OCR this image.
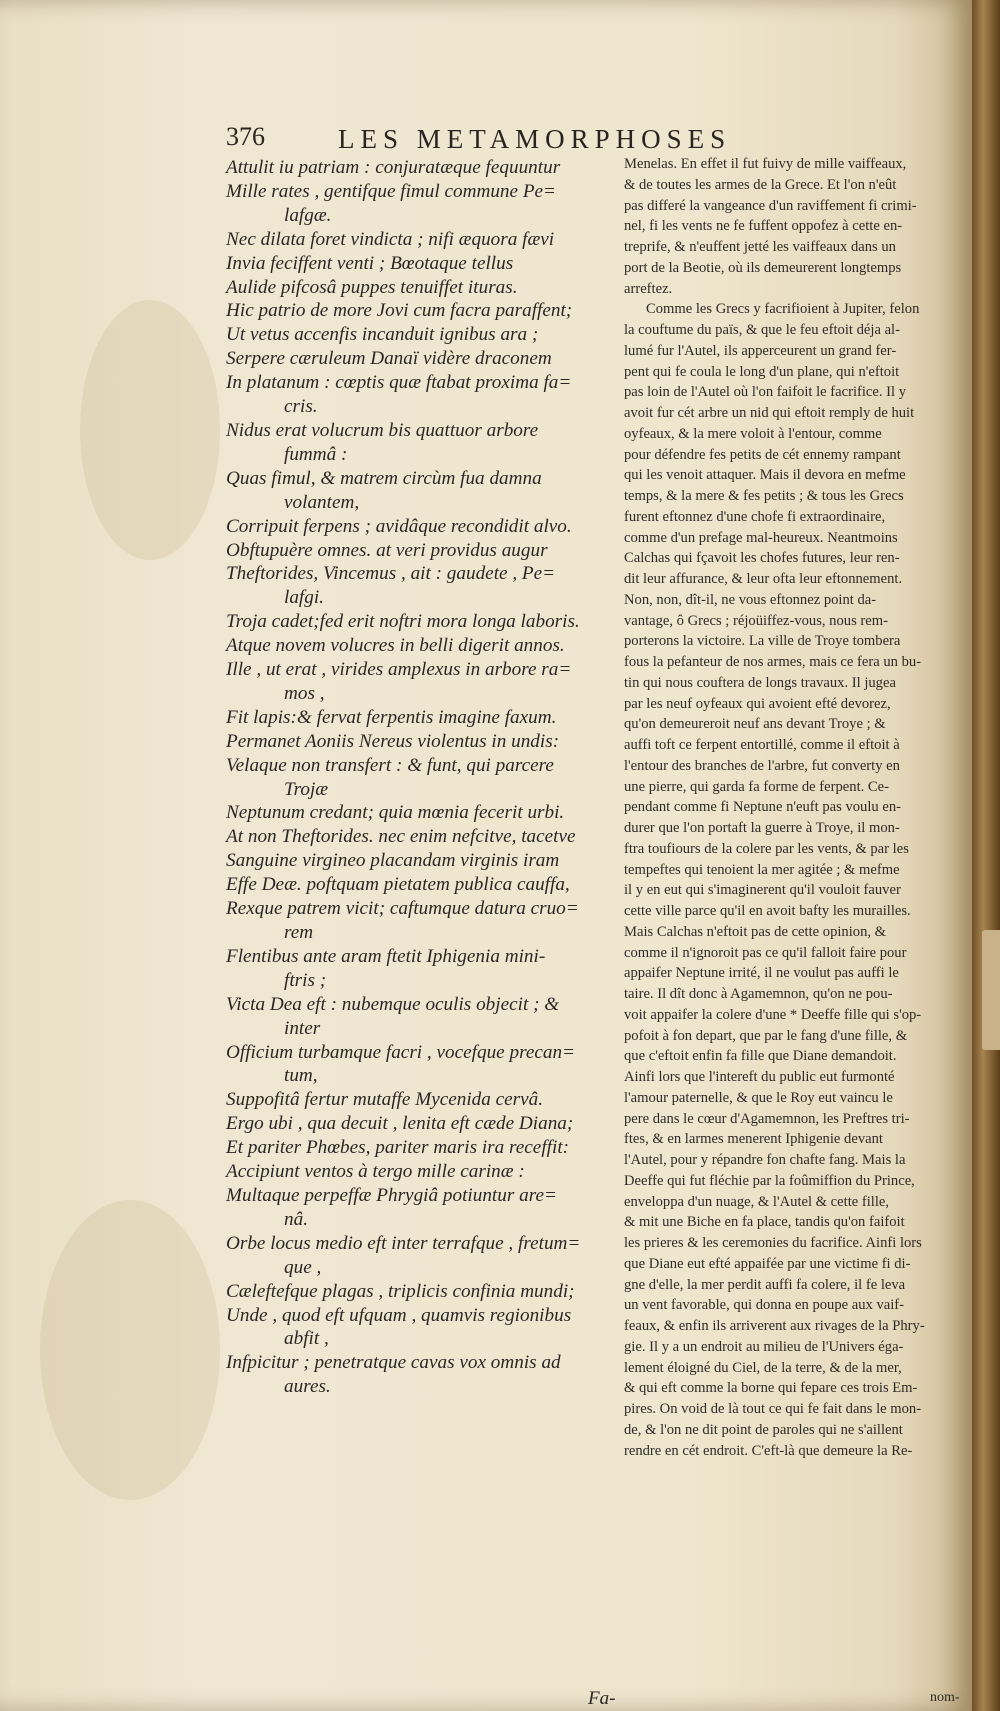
376	LES METAMORPHOSES
Attulit iu patriam : conjuratæque fequuntur
Mille rates , gentifque fimul commune Pe=
lafgæ.
Nec dilata foret vindicta ; nifi æquora fævi
Invia feciffent venti ; Bœotaque tellus
Aulide pifcosâ puppes tenuiffet ituras.
Hic patrio de more Jovi cum facra paraffent;
Ut vetus accenfis incanduit ignibus ara ;
Serpere cæruleum Danaï vidère draconem
In platanum : cœptis quæ ftabat proxima fa=
cris.
Nidus erat volucrum bis quattuor arbore
fummâ :
Quas fimul, & matrem circùm fua damna
volantem,
Corripuit ferpens ; avidâque recondidit alvo.
Obftupuère omnes. at veri providus augur
Theftorides, Vincemus , ait : gaudete , Pe=
lafgi.
Troja cadet;fed erit noftri mora longa laboris.
Atque novem volucres in belli digerit annos.
Ille , ut erat , virides amplexus in arbore ra=
mos ,
Fit lapis:& fervat ferpentis imagine faxum.
Permanet Aoniis Nereus violentus in undis:
Velaque non transfert : & funt, qui parcere
Trojæ
Neptunum credant; quia mœnia fecerit urbi.
At non Theftorides. nec enim nefcitve, tacetve
Sanguine virgineo placandam virginis iram
Effe Deæ. poftquam pietatem publica cauffa,
Rexque patrem vicit; caftumque datura cruo=
rem
Flentibus ante aram ftetit Iphigenia mini-
ftris ;
Victa Dea eft : nubemque oculis objecit ; &
inter
Officium turbamque facri , vocefque precan=
tum,
Suppofitâ fertur mutaffe Mycenida cervâ.
Ergo ubi , qua decuit , lenita eft cæde Diana;
Et pariter Phœbes, pariter maris ira receffit:
Accipiunt ventos à tergo mille carinæ :
Multaque perpeffæ Phrygiâ potiuntur are=
nâ.
Orbe locus medio eft inter terrafque , fretum=
que ,
Cæleftefque plagas , triplicis confinia mundi;
Unde , quod eft ufquam , quamvis regionibus
abfit ,
Infpicitur ; penetratque cavas vox omnis ad
aures.
Menelas. En effet il fut fuivy de mille vaiffeaux,
& de toutes les armes de la Grece. Et l'on n'eût
pas differé la vangeance d'un raviffement fi crimi-
nel, fi les vents ne fe fuffent oppofez à cette en-
treprife, & n'euffent jetté les vaiffeaux dans un
port de la Beotie, où ils demeurerent longtemps
arreftez.
Comme les Grecs y facrifioient à Jupiter, felon
la couftume du païs, & que le feu eftoit déja al-
lumé fur l'Autel, ils apperceurent un grand fer-
pent qui fe coula le long d'un plane, qui n'eftoit
pas loin de l'Autel où l'on faifoit le facrifice. Il y
avoit fur cét arbre un nid qui eftoit remply de huit
oyfeaux, & la mere voloit à l'entour, comme
pour défendre fes petits de cét ennemy rampant
qui les venoit attaquer. Mais il devora en mefme
temps, & la mere & fes petits ; & tous les Grecs
furent eftonnez d'une chofe fi extraordinaire,
comme d'un prefage mal-heureux. Neantmoins
Calchas qui fçavoit les chofes futures, leur ren-
dit leur affurance, & leur ofta leur eftonnement.
Non, non, dît-il, ne vous eftonnez point da-
vantage, ô Grecs ; réjoüiffez-vous, nous rem-
porterons la victoire. La ville de Troye tombera
fous la pefanteur de nos armes, mais ce fera un bu-
tin qui nous couftera de longs travaux. Il jugea
par les neuf oyfeaux qui avoient efté devorez,
qu'on demeureroit neuf ans devant Troye ; &
auffi toft ce ferpent entortillé, comme il eftoit à
l'entour des branches de l'arbre, fut converty en
une pierre, qui garda fa forme de ferpent. Ce-
pendant comme fi Neptune n'euft pas voulu en-
durer que l'on portaft la guerre à Troye, il mon-
ftra toufiours de la colere par les vents, & par les
tempeftes qui tenoient la mer agitée ; & mefme
il y en eut qui s'imaginerent qu'il vouloit fauver
cette ville parce qu'il en avoit bafty les murailles.
Mais Calchas n'eftoit pas de cette opinion, &
comme il n'ignoroit pas ce qu'il falloit faire pour
appaifer Neptune irrité, il ne voulut pas auffi le
taire. Il dît donc à Agamemnon, qu'on ne pou-
voit appaifer la colere d'une * Deeffe fille qui s'op-
pofoit à fon depart, que par le fang d'une fille, &
que c'eftoit enfin fa fille que Diane demandoit.
Ainfi lors que l'intereft du public eut furmonté
l'amour paternelle, & que le Roy eut vaincu le
pere dans le cœur d'Agamemnon, les Preftres tri-
ftes, & en larmes menerent Iphigenie devant
l'Autel, pour y répandre fon chafte fang. Mais la
Deeffe qui fut fléchie par la foûmiffion du Prince,
enveloppa d'un nuage, & l'Autel & cette fille,
& mit une Biche en fa place, tandis qu'on faifoit
les prieres & les ceremonies du facrifice. Ainfi lors
que Diane eut efté appaifée par une victime fi di-
gne d'elle, la mer perdit auffi fa colere, il fe leva
un vent favorable, qui donna en poupe aux vaif-
feaux, & enfin ils arriverent aux rivages de la Phry-
gie. Il y a un endroit au milieu de l'Univers éga-
lement éloigné du Ciel, de la terre, & de la mer,
& qui eft comme la borne qui fepare ces trois Em-
pires. On void de là tout ce qui fe fait dans le mon-
de, & l'on ne dit point de paroles qui ne s'aillent
rendre en cét endroit. C'eft-là que demeure la Re-
Fa-	nom-
